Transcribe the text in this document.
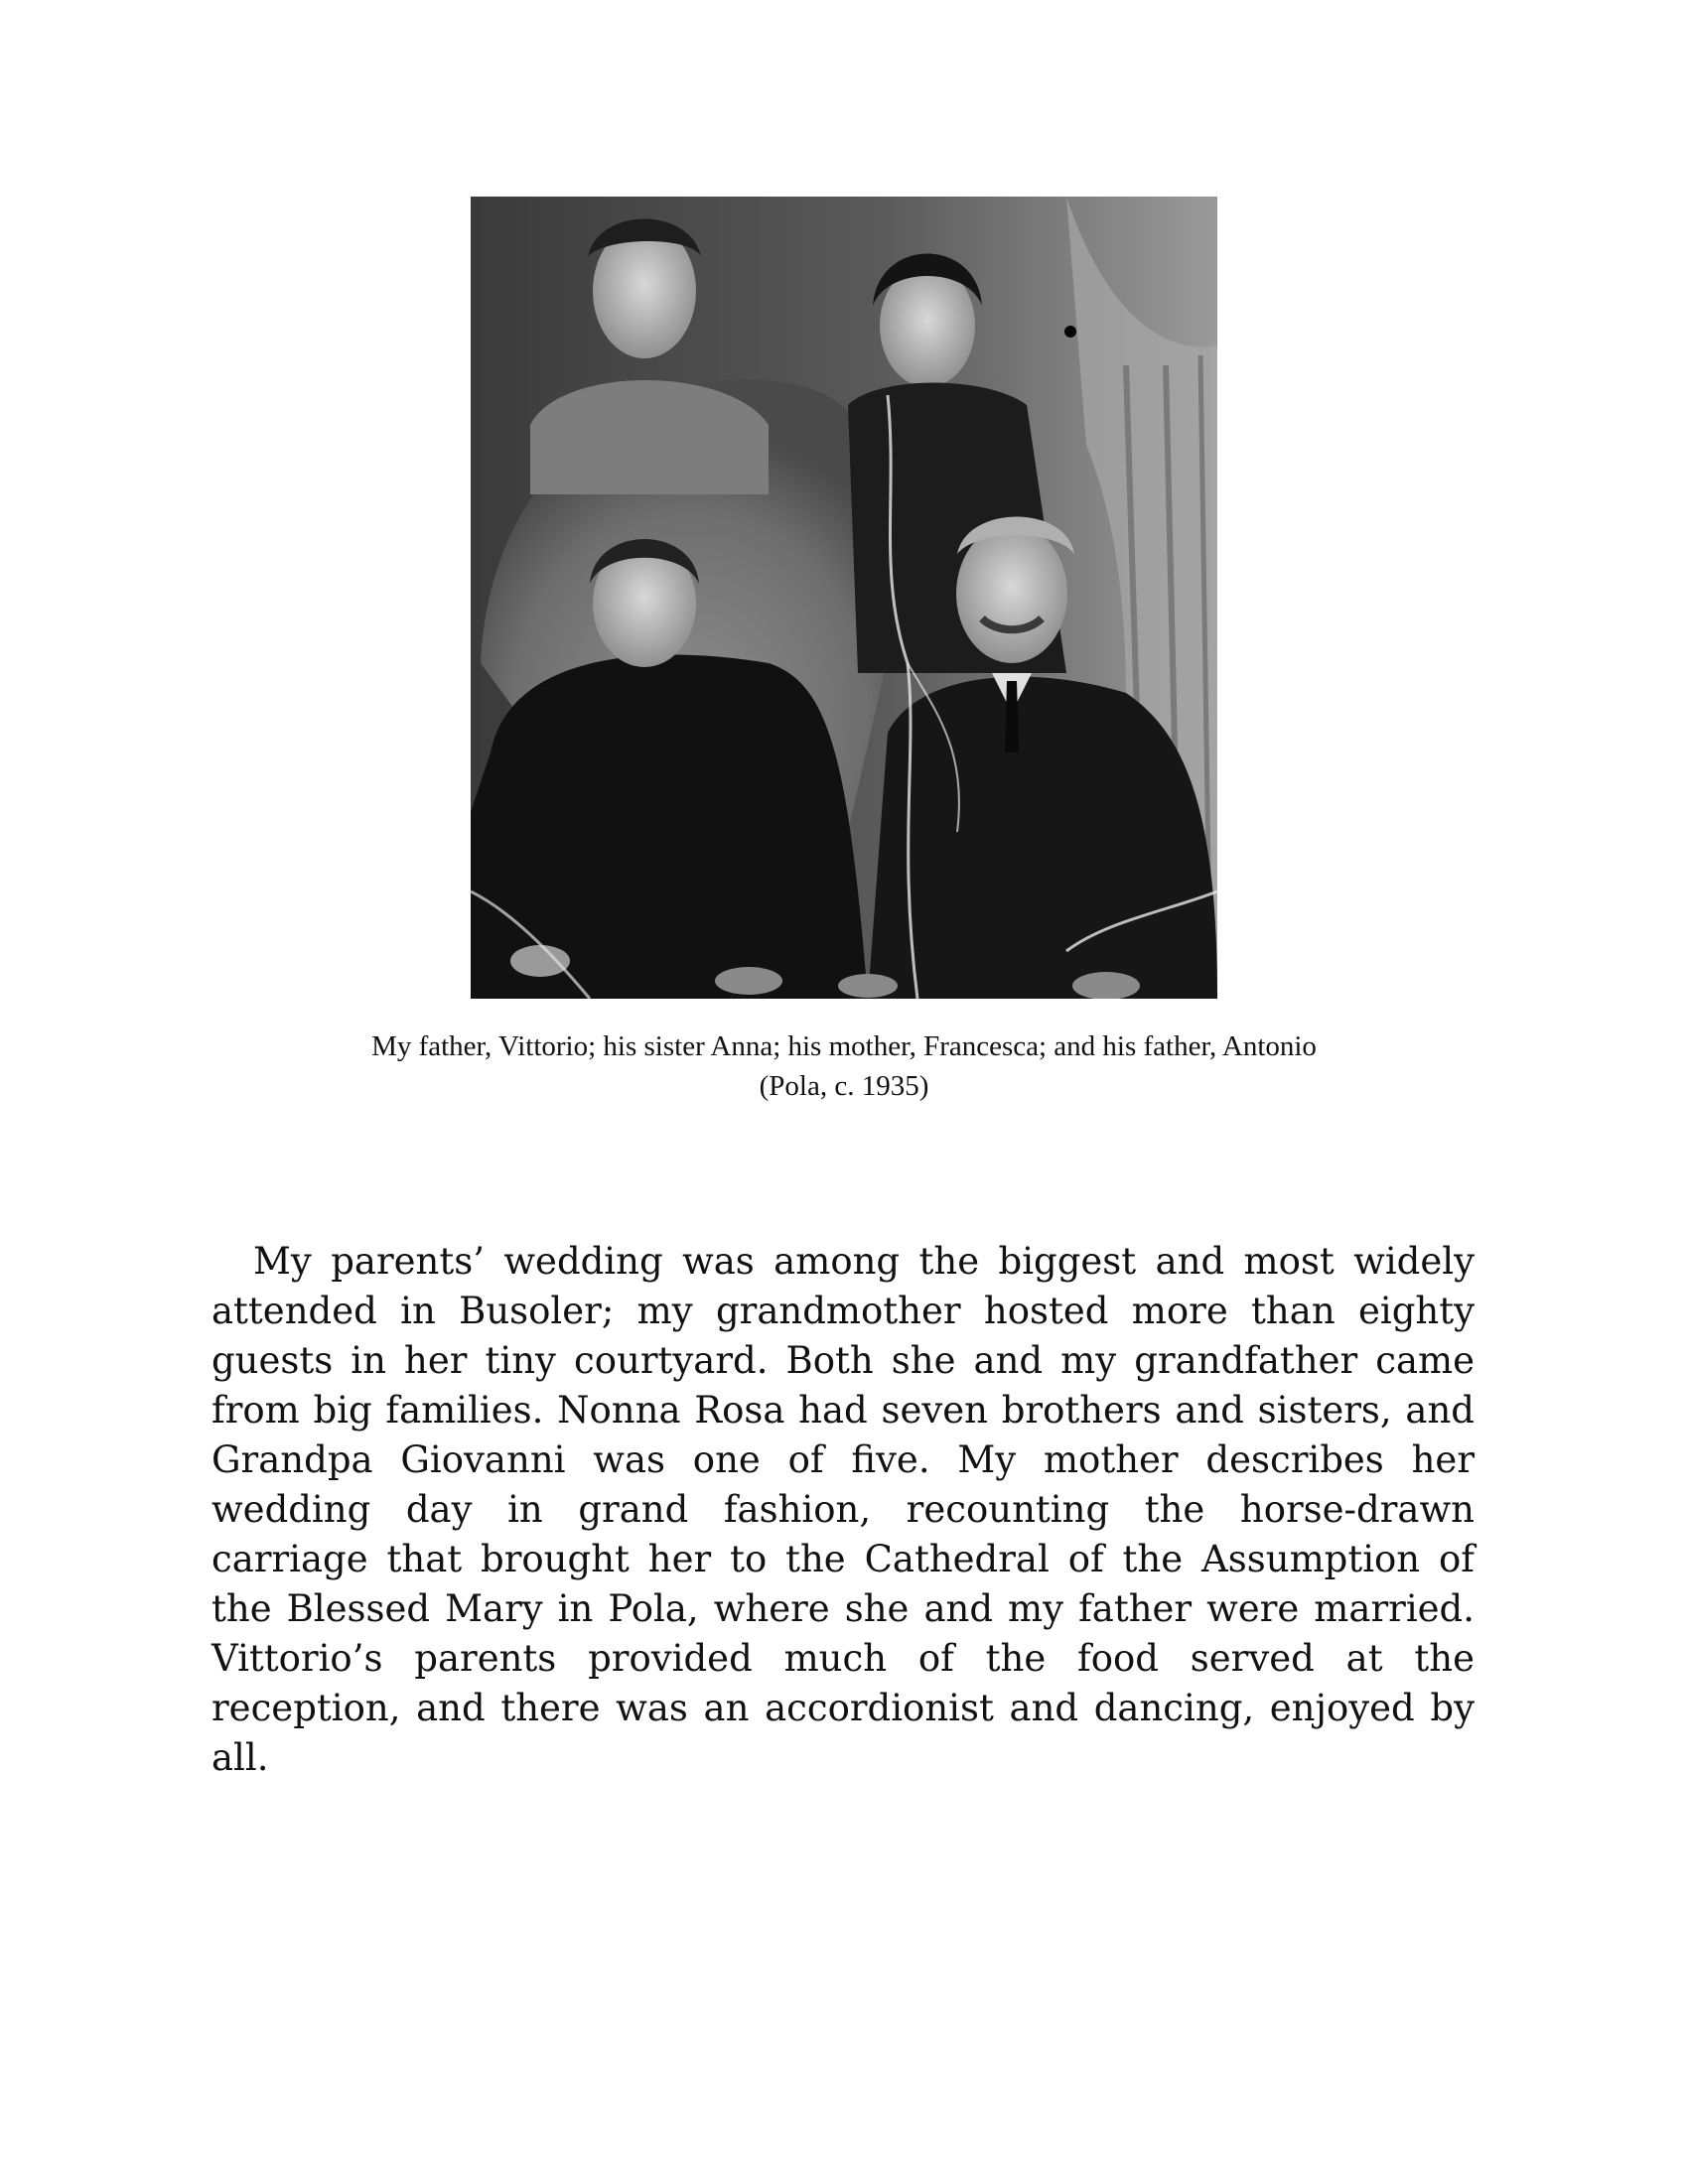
My father, Vittorio; his sister Anna; his mother, Francesca; and his father, Antonio
(Pola, c. 1935)

My parents’ wedding was among the biggest and most widely attended in Busoler; my grandmother hosted more than eighty guests in her tiny courtyard. Both she and my grandfather came from big families. Nonna Rosa had seven brothers and sisters, and Grandpa Giovanni was one of five. My mother describes her wedding day in grand fashion, recounting the horse-drawn carriage that brought her to the Cathedral of the Assumption of the Blessed Mary in Pola, where she and my father were married. Vittorio’s parents provided much of the food served at the reception, and there was an accordionist and dancing, enjoyed by all.
